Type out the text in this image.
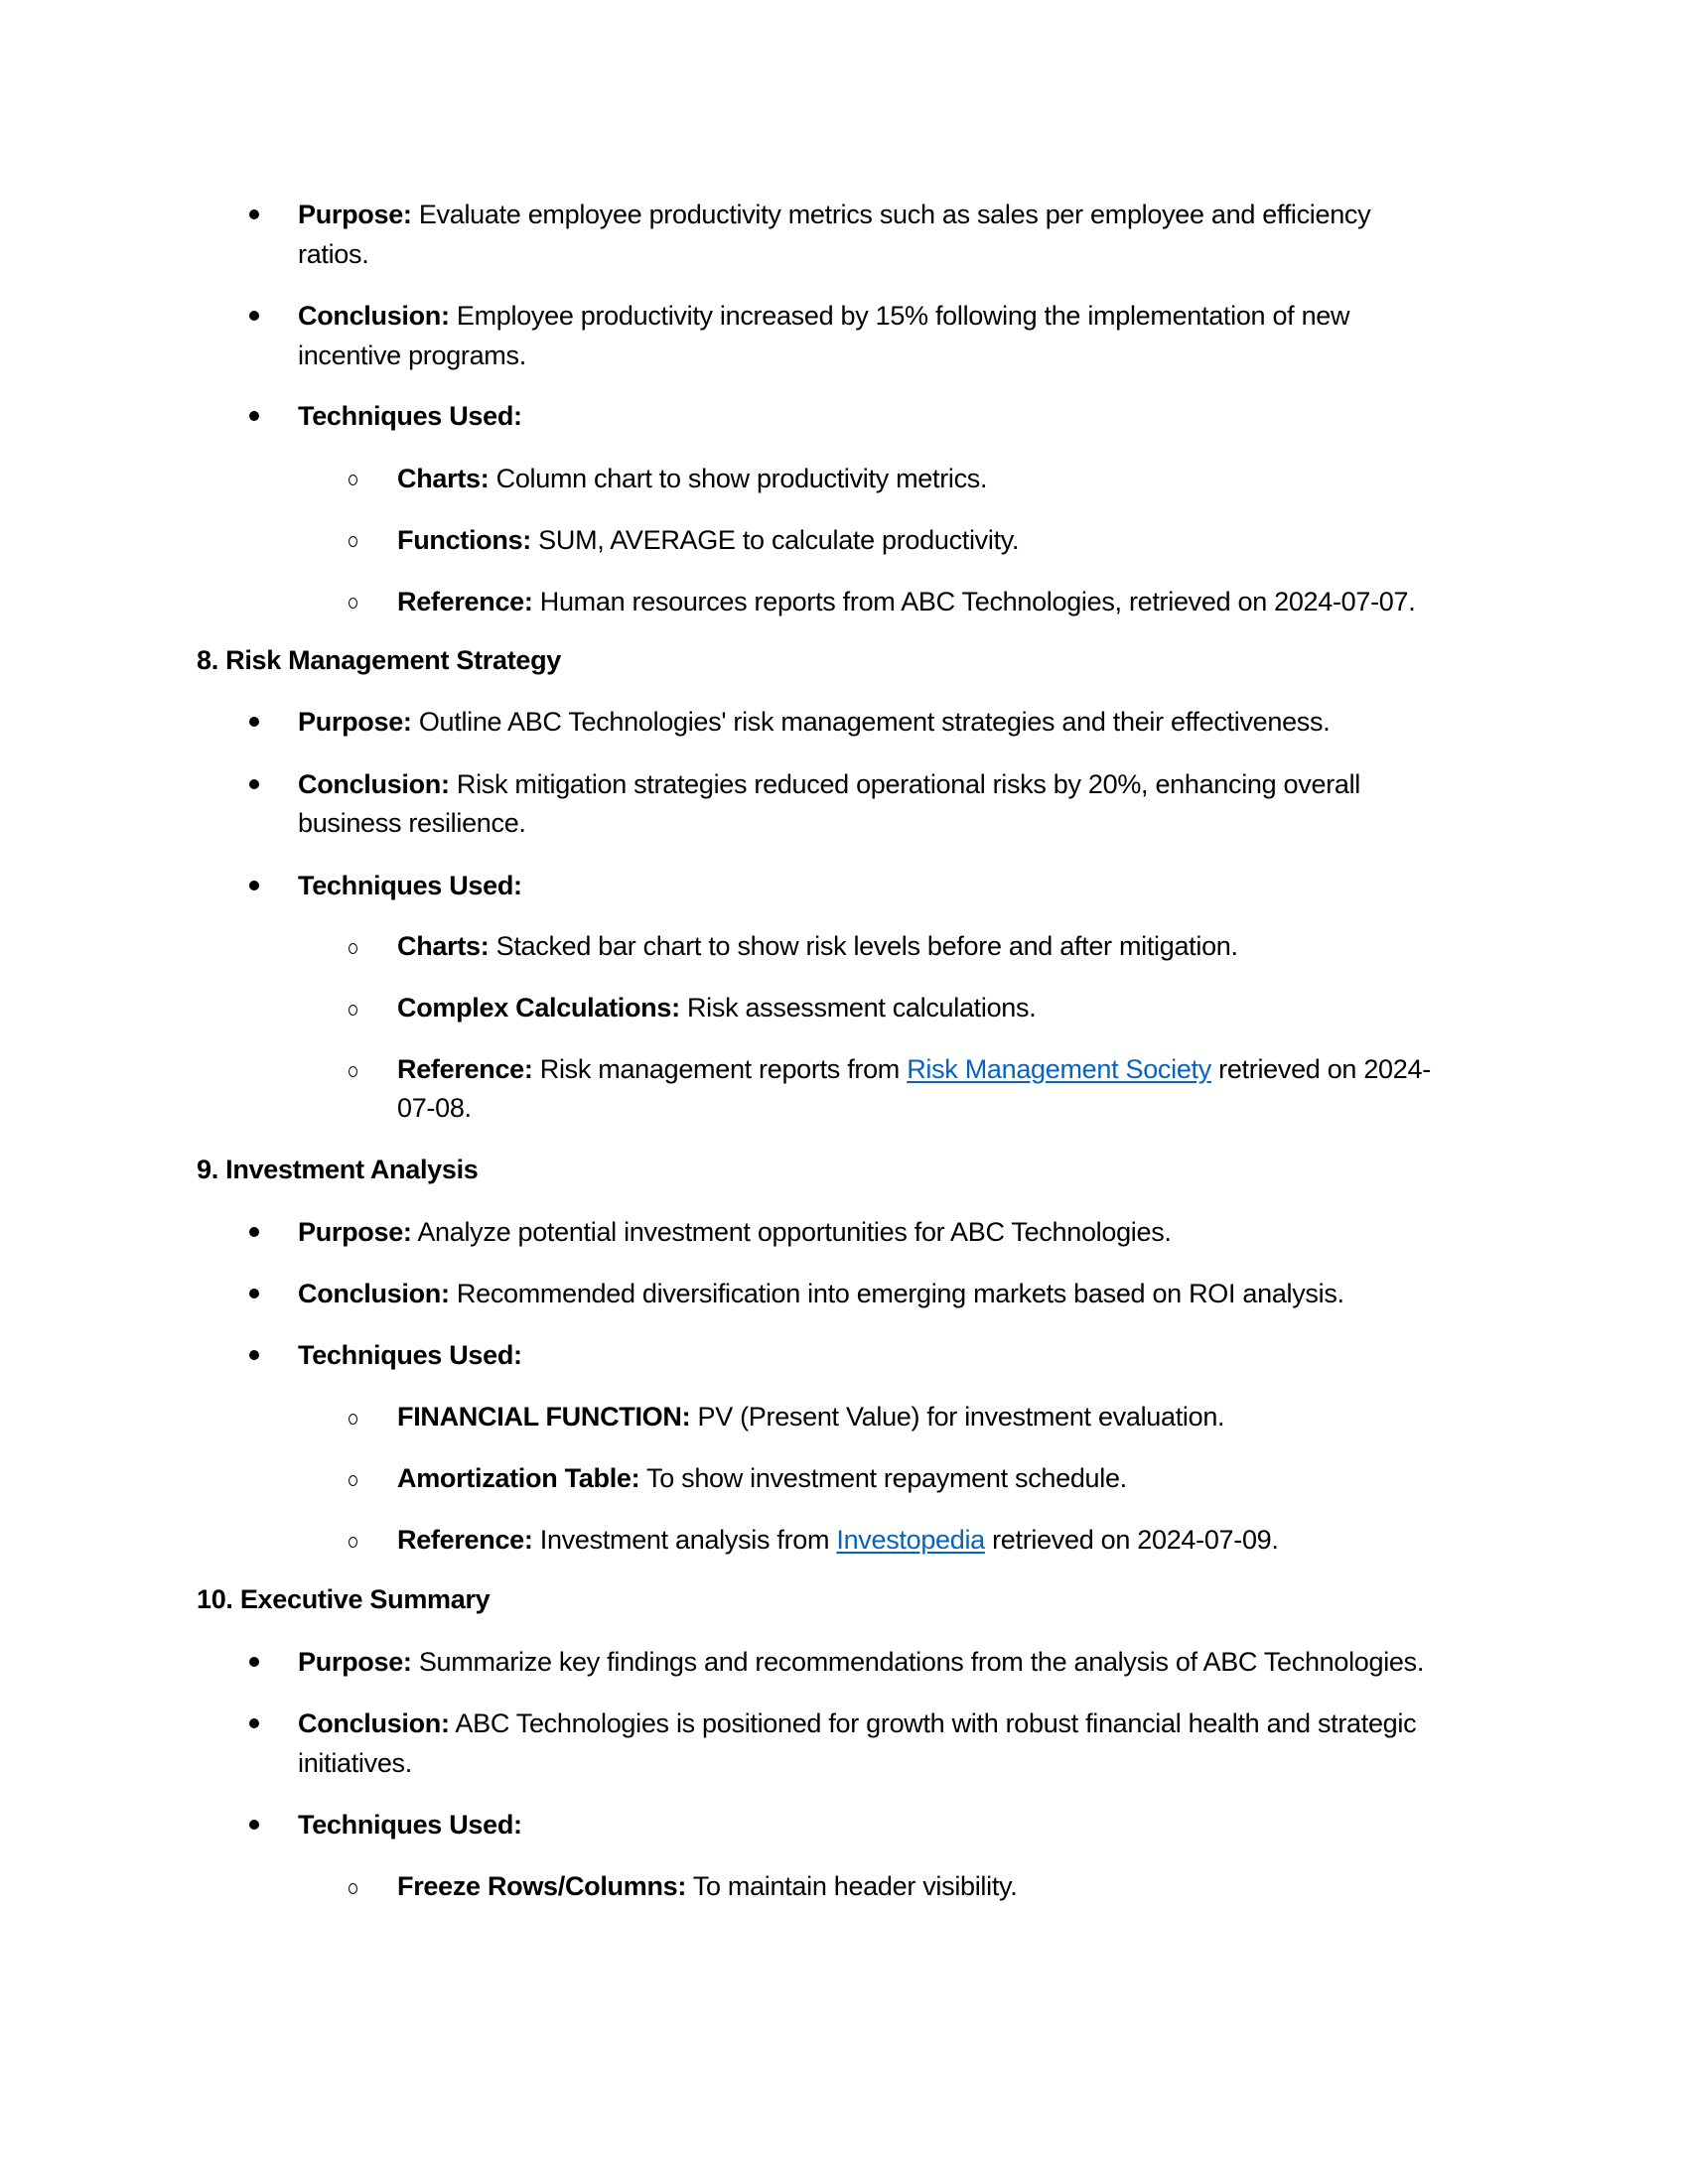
Purpose: Evaluate employee productivity metrics such as sales per employee and efficiency
ratios.
Conclusion: Employee productivity increased by 15% following the implementation of new
incentive programs.
Techniques Used:
Charts: Column chart to show productivity metrics.
Functions: SUM, AVERAGE to calculate productivity.
Reference: Human resources reports from ABC Technologies, retrieved on 2024-07-07.
8. Risk Management Strategy
Purpose: Outline ABC Technologies' risk management strategies and their effectiveness.
Conclusion: Risk mitigation strategies reduced operational risks by 20%, enhancing overall
business resilience.
Techniques Used:
Charts: Stacked bar chart to show risk levels before and after mitigation.
Complex Calculations: Risk assessment calculations.
Reference: Risk management reports from Risk Management Society retrieved on 2024-
07-08.
9. Investment Analysis
Purpose: Analyze potential investment opportunities for ABC Technologies.
Conclusion: Recommended diversification into emerging markets based on ROI analysis.
Techniques Used:
FINANCIAL FUNCTION: PV (Present Value) for investment evaluation.
Amortization Table: To show investment repayment schedule.
Reference: Investment analysis from Investopedia retrieved on 2024-07-09.
10. Executive Summary
Purpose: Summarize key findings and recommendations from the analysis of ABC Technologies.
Conclusion: ABC Technologies is positioned for growth with robust financial health and strategic
initiatives.
Techniques Used:
Freeze Rows/Columns: To maintain header visibility.
